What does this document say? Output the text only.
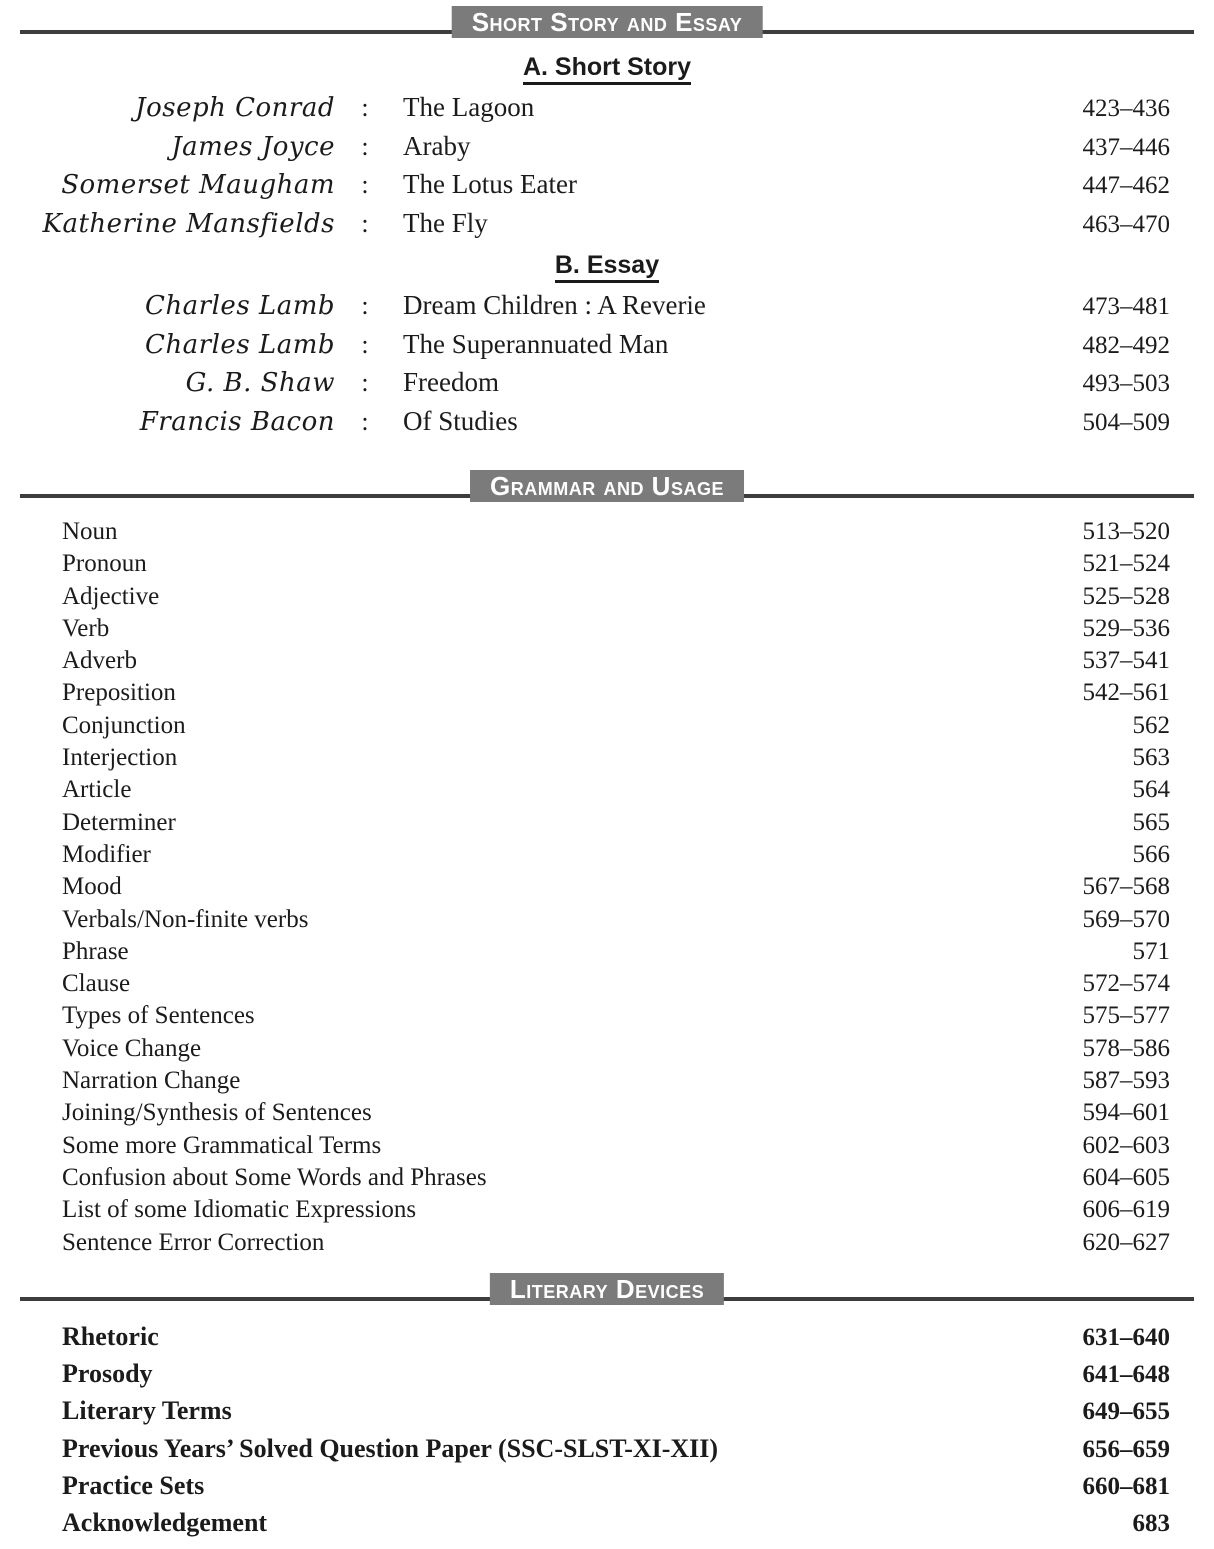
Short Story and Essay
A. Short Story
Joseph Conrad	:	The Lagoon	423–436
James Joyce	:	Araby	437–446
Somerset Maugham	:	The Lotus Eater	447–462
Katherine Mansfields	:	The Fly	463–470
B. Essay
Charles Lamb	:	Dream Children : A Reverie	473–481
Charles Lamb	:	The Superannuated Man	482–492
G. B. Shaw	:	Freedom	493–503
Francis Bacon	:	Of Studies	504–509
Grammar and Usage
Noun	513–520
Pronoun	521–524
Adjective	525–528
Verb	529–536
Adverb	537–541
Preposition	542–561
Conjunction	562
Interjection	563
Article	564
Determiner	565
Modifier	566
Mood	567–568
Verbals/Non-finite verbs	569–570
Phrase	571
Clause	572–574
Types of Sentences	575–577
Voice Change	578–586
Narration Change	587–593
Joining/Synthesis of Sentences	594–601
Some more Grammatical Terms	602–603
Confusion about Some Words and Phrases	604–605
List of some Idiomatic Expressions	606–619
Sentence Error Correction	620–627
Literary Devices
Rhetoric	631–640
Prosody	641–648
Literary Terms	649–655
Previous Years’ Solved Question Paper (SSC-SLST-XI-XII)	656–659
Practice Sets	660–681
Acknowledgement	683
